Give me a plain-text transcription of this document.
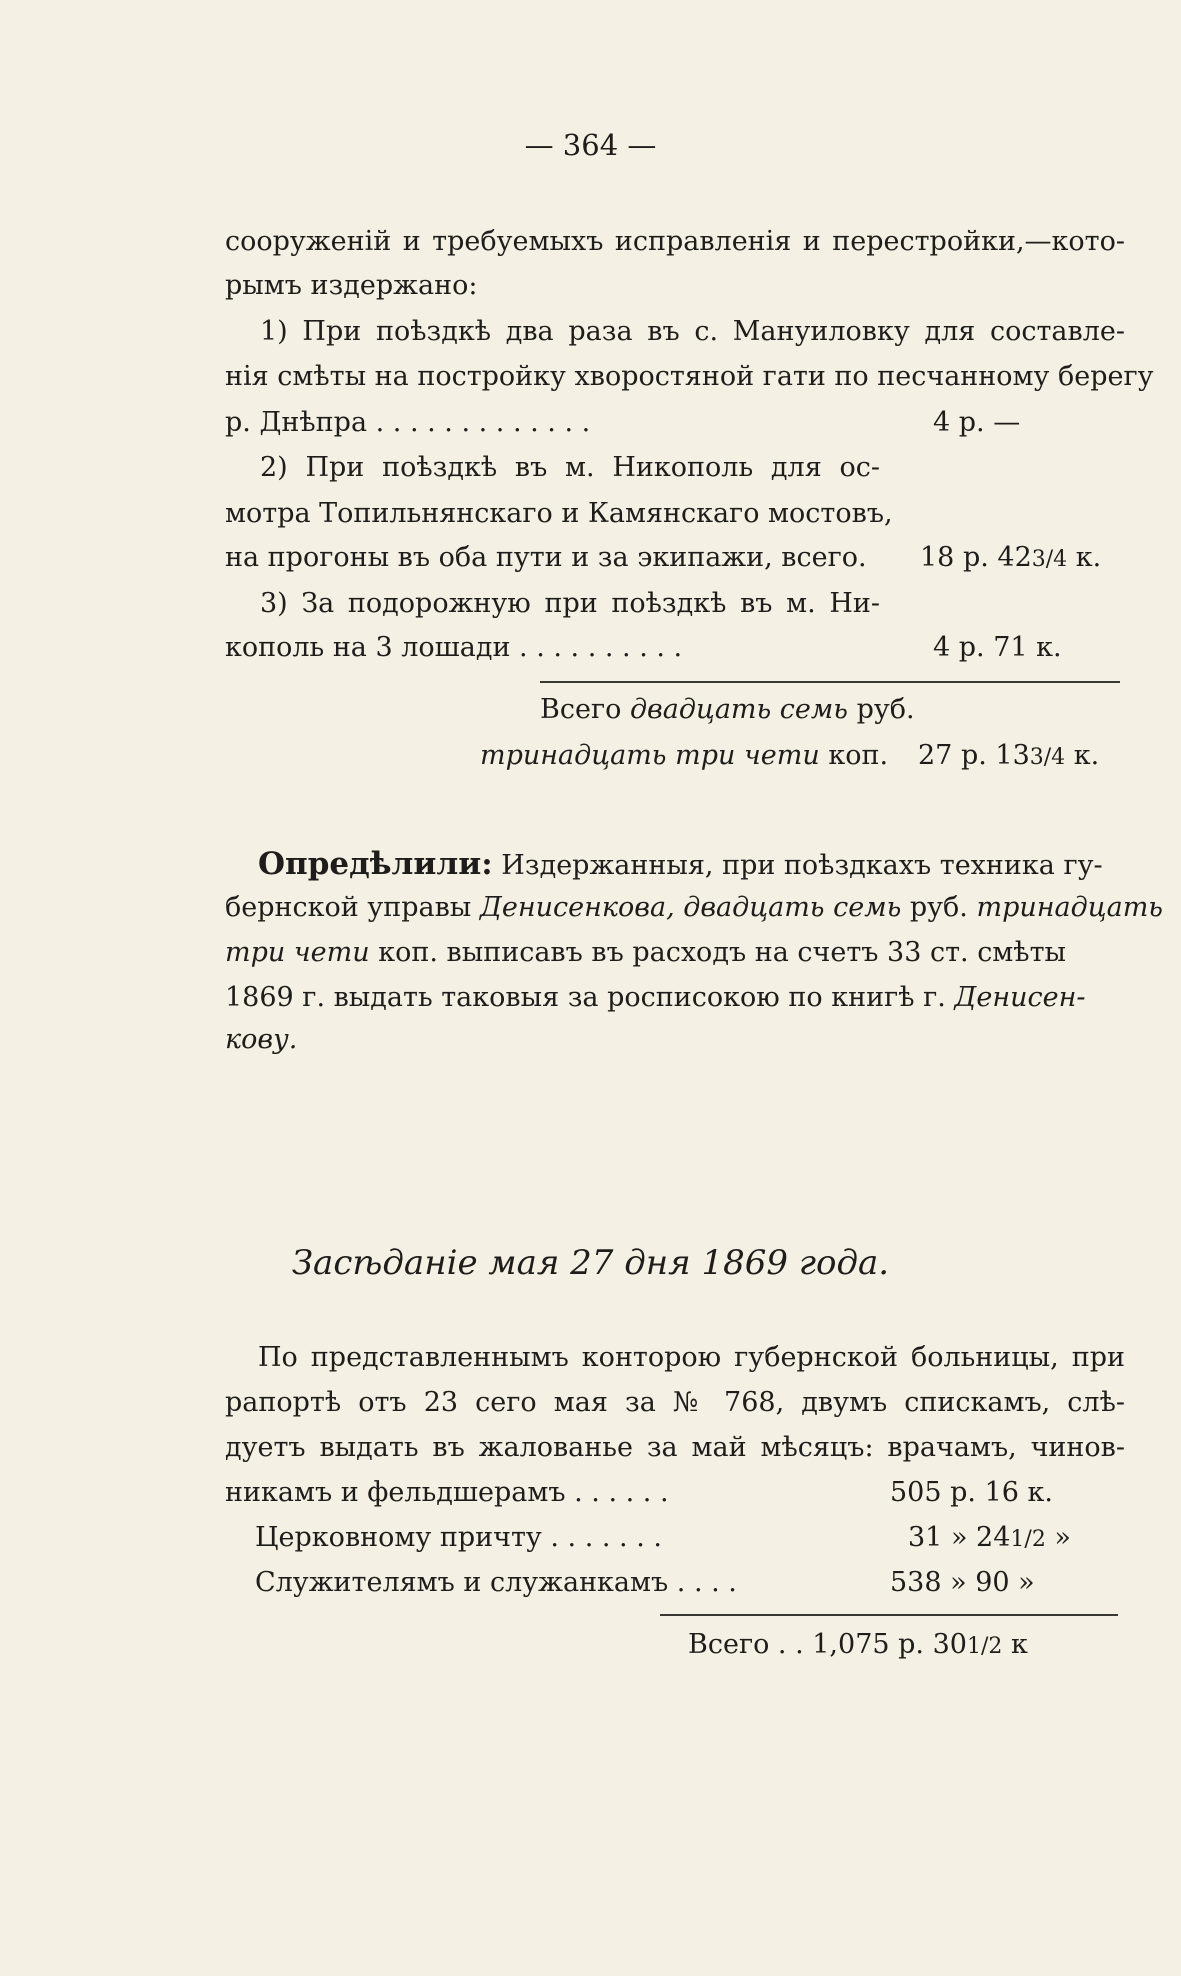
— 364 —
сооруженій и требуемыхъ исправленія и перестройки,—кото-
рымъ издержано:
1) При поѣздкѣ два раза въ с. Мануиловку для составле-
нія смѣты на постройку хворостяной гати по песчанному берегу
р. Днѣпра . . . . . . . . . . . . .	4 р. —
2) При поѣздкѣ въ м. Никополь для ос-
мотра Топильнянскаго и Камянскаго мостовъ,
на прогоны въ оба пути и за экипажи, всего.	18 р. 423/4 к.
3) За подорожную при поѣздкѣ въ м. Ни-
кополь на 3 лошади . . . . . . . . . .	4 р. 71 к.
Всего двадцать семь руб.
тринадцать три чети коп.	27 р. 133/4 к.
Опредѣлили: Издержанныя, при поѣздкахъ техника гу-
бернской управы Денисенкова, двадцать семь руб. тринадцать
три чети коп. выписавъ въ расходъ на счетъ 33 ст. смѣты
1869 г. выдать таковыя за росписокою по книгѣ г. Денисен-
кову.
Засѣданіе мая 27 дня 1869 года.
По представленнымъ конторою губернской больницы, при
рапортѣ отъ 23 сего мая за № 768, двумъ спискамъ, слѣ-
дуетъ выдать въ жалованье за май мѣсяцъ: врачамъ, чинов-
никамъ и фельдшерамъ . . . . . .	505 р. 16 к.
Церковному причту . . . . . . .	31 » 241/2 »
Служителямъ и служанкамъ . . . .	538 » 90 »
Всего . . 1,075 р. 301/2 к
